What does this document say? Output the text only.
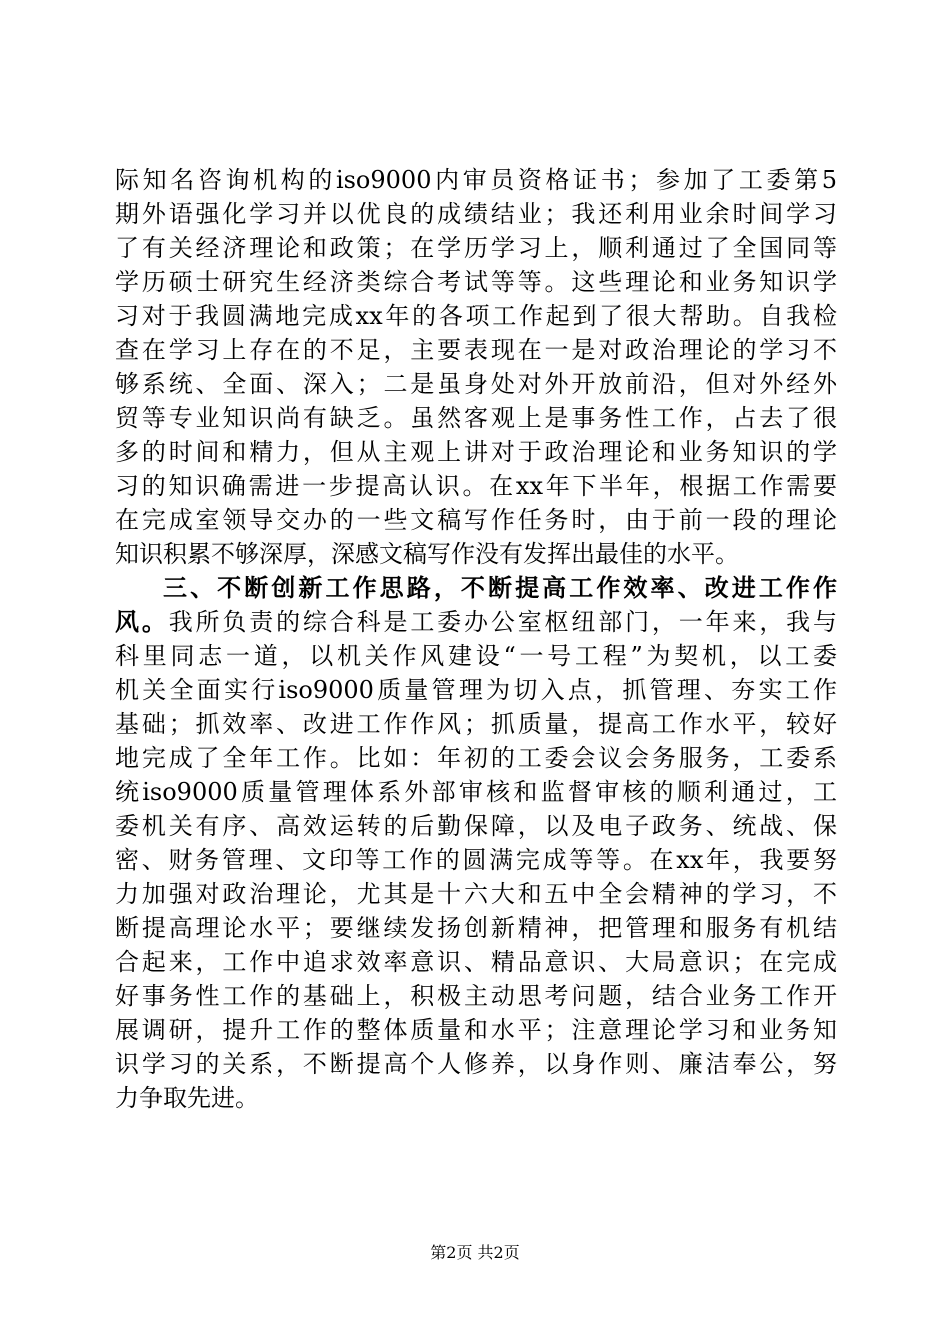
际知名咨询机构的iso9000内审员资格证书；参加了工委第5
期外语强化学习并以优良的成绩结业；我还利用业余时间学习
了有关经济理论和政策；在学历学习上，顺利通过了全国同等
学历硕士研究生经济类综合考试等等。这些理论和业务知识学
习对于我圆满地完成xx年的各项工作起到了很大帮助。自我检
查在学习上存在的不足，主要表现在一是对政治理论的学习不
够系统、全面、深入；二是虽身处对外开放前沿，但对外经外
贸等专业知识尚有缺乏。虽然客观上是事务性工作，占去了很
多的时间和精力，但从主观上讲对于政治理论和业务知识的学
习的知识确需进一步提高认识。在xx年下半年，根据工作需要
在完成室领导交办的一些文稿写作任务时，由于前一段的理论
知识积累不够深厚，深感文稿写作没有发挥出最佳的水平。
三、不断创新工作思路，不断提高工作效率、改进工作作
风。我所负责的综合科是工委办公室枢纽部门，一年来，我与
科里同志一道，以机关作风建设“一号工程”为契机，以工委
机关全面实行iso9000质量管理为切入点，抓管理、夯实工作
基础；抓效率、改进工作作风；抓质量，提高工作水平，较好
地完成了全年工作。比如：年初的工委会议会务服务，工委系
统iso9000质量管理体系外部审核和监督审核的顺利通过，工
委机关有序、高效运转的后勤保障，以及电子政务、统战、保
密、财务管理、文印等工作的圆满完成等等。在xx年，我要努
力加强对政治理论，尤其是十六大和五中全会精神的学习，不
断提高理论水平；要继续发扬创新精神，把管理和服务有机结
合起来，工作中追求效率意识、精品意识、大局意识；在完成
好事务性工作的基础上，积极主动思考问题，结合业务工作开
展调研，提升工作的整体质量和水平；注意理论学习和业务知
识学习的关系，不断提高个人修养，以身作则、廉洁奉公，努
力争取先进。
第2页 共2页
